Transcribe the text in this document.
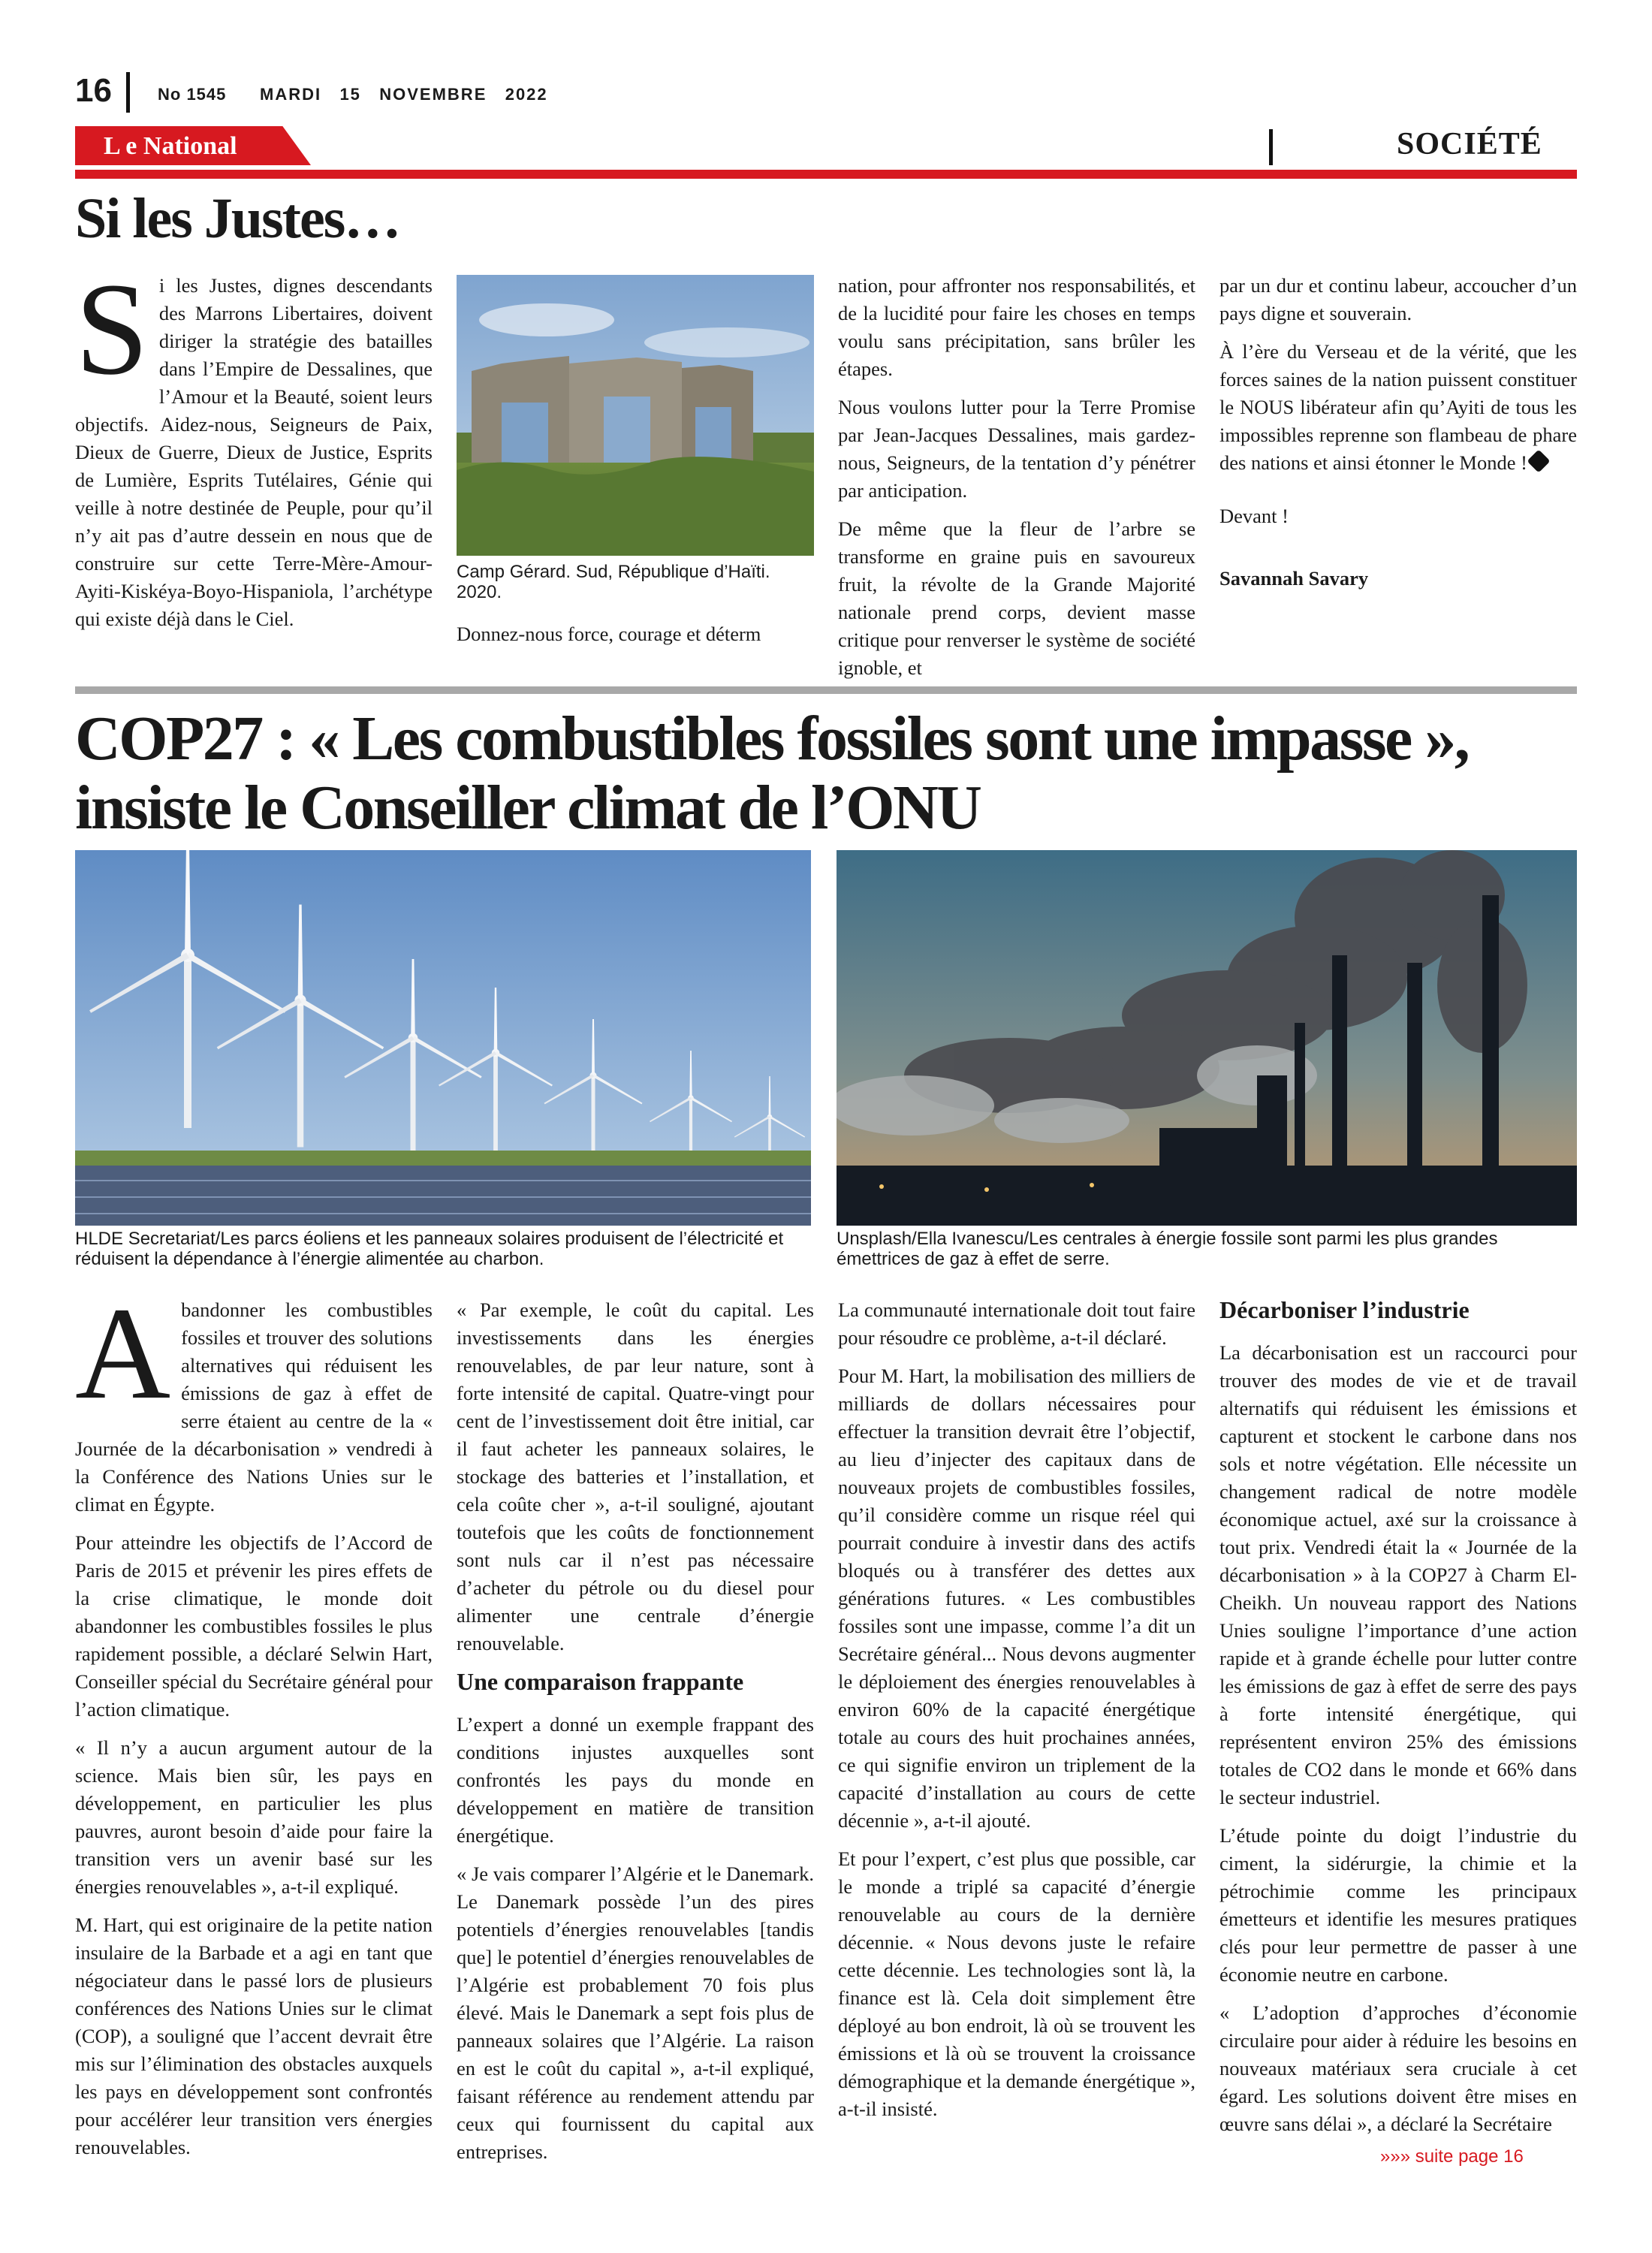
16	No 1545 MARDI   15   NOVEMBRE   2022
L e National	SOCIÉTÉ
Si les Justes…
S i les Justes, dignes descendants des Marrons Libertaires, doivent diriger la stratégie des batailles dans l’Empire de Dessalines, que l’Amour et la Beauté, soient leurs objectifs. Aidez-nous, Seigneurs de Paix, Dieux de Guerre, Dieux de Justice, Esprits de Lumière, Esprits Tutélaires, Génie qui veille à notre destinée de Peuple, pour qu’il n’y ait pas d’autre dessein en nous que de construire sur cette Terre-Mère-Amour-Ayiti-Kiskéya-Boyo-Hispaniola, l’archétype qui existe déjà dans le Ciel.
Camp Gérard. Sud, République d’Haïti. 2020.
Donnez-nous force, courage et déterm

nation, pour affronter nos responsabilités, et de la lucidité pour faire les choses en temps voulu sans précipitation, sans brûler les étapes.

Nous voulons lutter pour la Terre Promise par Jean-Jacques Dessalines, mais gardez-nous, Seigneurs, de la tentation d’y pénétrer par anticipation.

De même que la fleur de l’arbre se transforme en graine puis en savoureux fruit, la révolte de la Grande Majorité nationale prend corps, devient masse critique pour renverser le système de société ignoble, et

par un dur et continu labeur, accoucher d’un pays digne et souverain.

À l’ère du Verseau et de la vérité, que les forces saines de la nation puissent constituer le NOUS libérateur afin qu’Ayiti de tous les impossibles reprenne son flambeau de phare des nations et ainsi étonner le Monde !

Devant !

Savannah Savary

COP27 : « Les combustibles fossiles sont une impasse »,
insiste le Conseiller climat de l’ONU
HLDE Secretariat/Les parcs éoliens et les panneaux solaires produisent de l’électricité et réduisent la dépendance à l’énergie alimentée au charbon.
Unsplash/Ella Ivanescu/Les centrales à énergie fossile sont parmi les plus grandes émettrices de gaz à effet de serre.

A bandonner les combustibles fossiles et trouver des solutions alternatives qui réduisent les émissions de gaz à effet de serre étaient au centre de la « Journée de la décarbonisation » vendredi à la Conférence des Nations Unies sur le climat en Égypte.

Pour atteindre les objectifs de l’Accord de Paris de 2015 et prévenir les pires effets de la crise climatique, le monde doit abandonner les combustibles fossiles le plus rapidement possible, a déclaré Selwin Hart, Conseiller spécial du Secrétaire général pour l’action climatique.

« Il n’y a aucun argument autour de la science. Mais bien sûr, les pays en développement, en particulier les plus pauvres, auront besoin d’aide pour faire la transition vers un avenir basé sur les énergies renouvelables », a-t-il expliqué.

M. Hart, qui est originaire de la petite nation insulaire de la Barbade et a agi en tant que négociateur dans le passé lors de plusieurs conférences des Nations Unies sur le climat (COP), a souligné que l’accent devrait être mis sur l’élimination des obstacles auxquels les pays en développement sont confrontés pour accélérer leur transition vers énergies renouvelables.

« Par exemple, le coût du capital. Les investissements dans les énergies renouvelables, de par leur nature, sont à forte intensité de capital. Quatre-vingt pour cent de l’investissement doit être initial, car il faut acheter les panneaux solaires, le stockage des batteries et l’installation, et cela coûte cher », a-t-il souligné, ajoutant toutefois que les coûts de fonctionnement sont nuls car il n’est pas nécessaire d’acheter du pétrole ou du diesel pour alimenter une centrale d’énergie renouvelable.

Une comparaison frappante

L’expert a donné un exemple frappant des conditions injustes auxquelles sont confrontés les pays du monde en développement en matière de transition énergétique.

« Je vais comparer l’Algérie et le Danemark. Le Danemark possède l’un des pires potentiels d’énergies renouvelables [tandis que] le potentiel d’énergies renouvelables de l’Algérie est probablement 70 fois plus élevé. Mais le Danemark a sept fois plus de panneaux solaires que l’Algérie. La raison en est le coût du capital », a-t-il expliqué, faisant référence au rendement attendu par ceux qui fournissent du capital aux entreprises.

La communauté internationale doit tout faire pour résoudre ce problème, a-t-il déclaré.

Pour M. Hart, la mobilisation des milliers de milliards de dollars nécessaires pour effectuer la transition devrait être l’objectif, au lieu d’injecter des capitaux dans de nouveaux projets de combustibles fossiles, qu’il considère comme un risque réel qui pourrait conduire à investir dans des actifs bloqués ou à transférer des dettes aux générations futures. « Les combustibles fossiles sont une impasse, comme l’a dit un Secrétaire général... Nous devons augmenter le déploiement des énergies renouvelables à environ 60% de la capacité énergétique totale au cours des huit prochaines années, ce qui signifie environ un triplement de la capacité d’installation au cours de cette décennie », a-t-il ajouté.

Et pour l’expert, c’est plus que possible, car le monde a triplé sa capacité d’énergie renouvelable au cours de la dernière décennie. « Nous devons juste le refaire cette décennie. Les technologies sont là, la finance est là. Cela doit simplement être déployé au bon endroit, là où se trouvent les émissions et là où se trouvent la croissance démographique et la demande énergétique », a-t-il insisté.

Décarboniser l’industrie

La décarbonisation est un raccourci pour trouver des modes de vie et de travail alternatifs qui réduisent les émissions et capturent et stockent le carbone dans nos sols et notre végétation. Elle nécessite un changement radical de notre modèle économique actuel, axé sur la croissance à tout prix. Vendredi était la « Journée de la décarbonisation » à la COP27 à Charm El-Cheikh. Un nouveau rapport des Nations Unies souligne l’importance d’une action rapide et à grande échelle pour lutter contre les émissions de gaz à effet de serre des pays à forte intensité énergétique, qui représentent environ 25% des émissions totales de CO2 dans le monde et 66% dans le secteur industriel.

L’étude pointe du doigt l’industrie du ciment, la sidérurgie, la chimie et la pétrochimie comme les principaux émetteurs et identifie les mesures pratiques clés pour leur permettre de passer à une économie neutre en carbone.

« L’adoption d’approches d’économie circulaire pour aider à réduire les besoins en nouveaux matériaux sera cruciale à cet égard. Les solutions doivent être mises en œuvre sans délai », a déclaré la Secrétaire

»»» suite page 16
